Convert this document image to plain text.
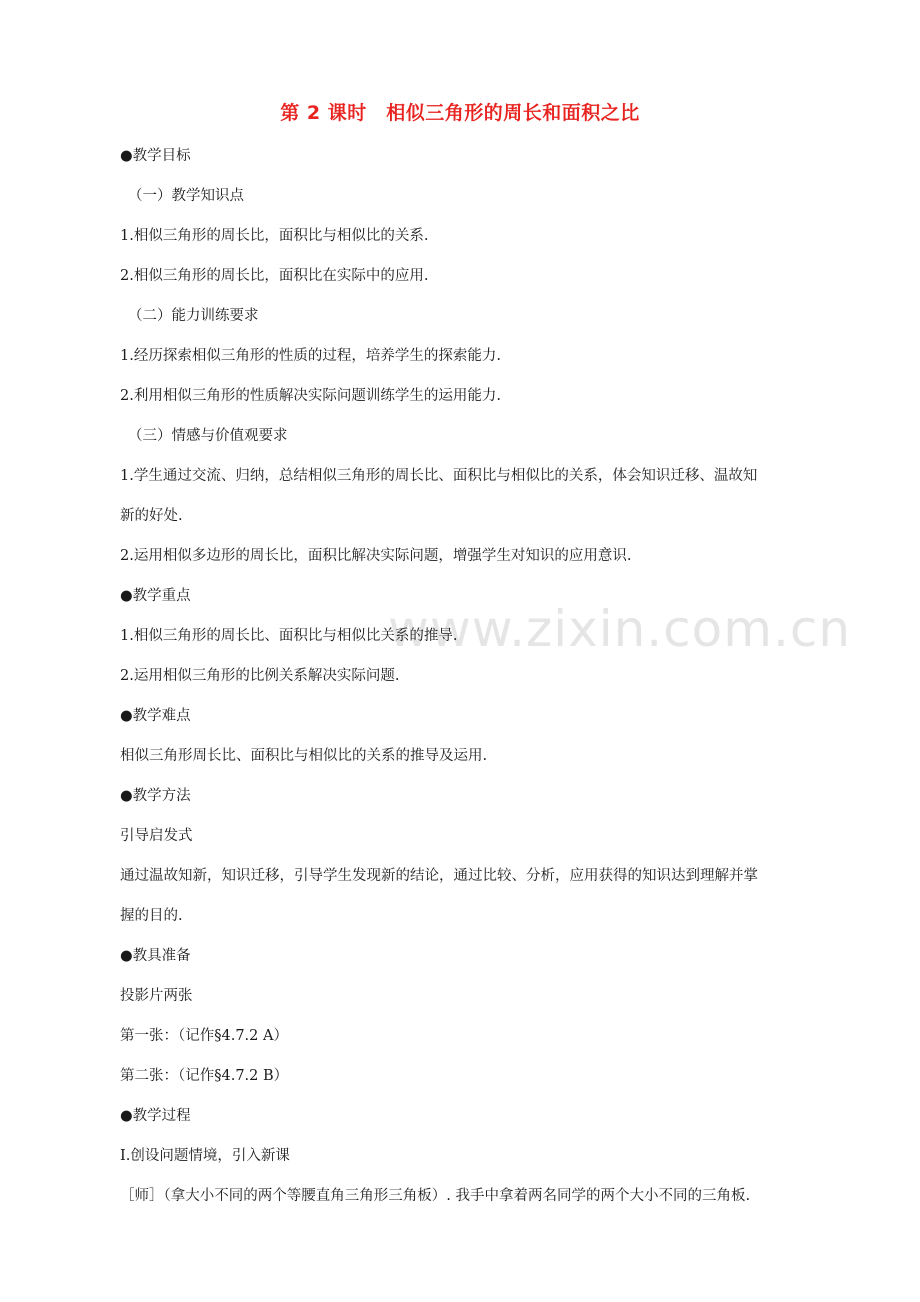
第 2 课时　相似三角形的周长和面积之比
www.zixin.com.cn
●教学目标
（一）教学知识点
1.相似三角形的周长比，面积比与相似比的关系.
2.相似三角形的周长比，面积比在实际中的应用.
（二）能力训练要求
1.经历探索相似三角形的性质的过程，培养学生的探索能力.
2.利用相似三角形的性质解决实际问题训练学生的运用能力.
（三）情感与价值观要求
1.学生通过交流、归纳，总结相似三角形的周长比、面积比与相似比的关系，体会知识迁移、温故知
新的好处.
2.运用相似多边形的周长比，面积比解决实际问题，增强学生对知识的应用意识.
●教学重点
1.相似三角形的周长比、面积比与相似比关系的推导.
2.运用相似三角形的比例关系解决实际问题.
●教学难点
相似三角形周长比、面积比与相似比的关系的推导及运用.
●教学方法
引导启发式
通过温故知新，知识迁移，引导学生发现新的结论，通过比较、分析，应用获得的知识达到理解并掌
握的目的.
●教具准备
投影片两张
第一张：（记作§4.7.2 A）
第二张：（记作§4.7.2 B）
●教学过程
Ⅰ.创设问题情境，引入新课
［师］（拿大小不同的两个等腰直角三角形三角板）. 我手中拿着两名同学的两个大小不同的三角板.
